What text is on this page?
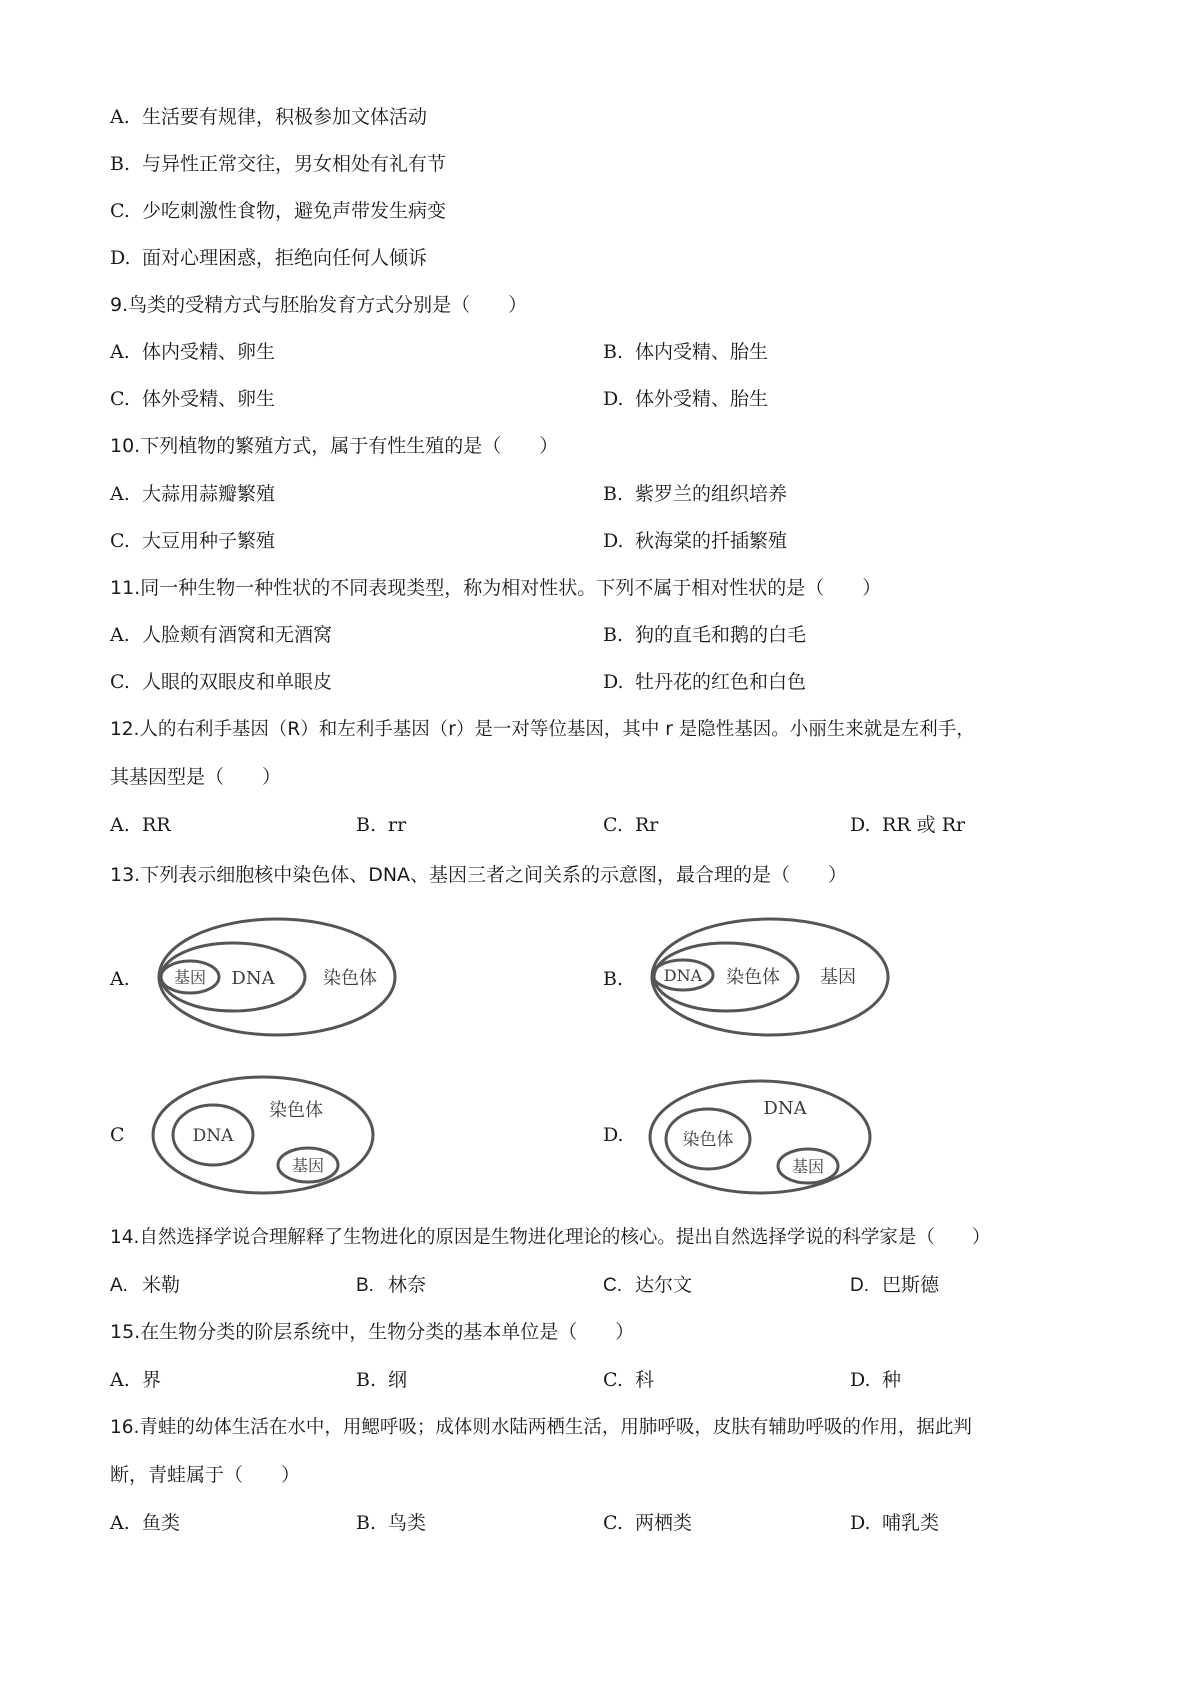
A. 生活要有规律，积极参加文体活动
B. 与异性正常交往，男女相处有礼有节
C. 少吃刺激性食物，避免声带发生病变
D. 面对心理困惑，拒绝向任何人倾诉
9.鸟类的受精方式与胚胎发育方式分别是（　　）
A. 体内受精、卵生	B. 体内受精、胎生
C. 体外受精、卵生	D. 体外受精、胎生
10.下列植物的繁殖方式，属于有性生殖的是（　　）
A. 大蒜用蒜瓣繁殖	B. 紫罗兰的组织培养
C. 大豆用种子繁殖	D. 秋海棠的扦插繁殖
11.同一种生物一种性状的不同表现类型，称为相对性状。下列不属于相对性状的是（　　）
A. 人脸颊有酒窝和无酒窝	B. 狗的直毛和鹅的白毛
C. 人眼的双眼皮和单眼皮	D. 牡丹花的红色和白色
12.人的右利手基因（R）和左利手基因（r）是一对等位基因，其中 r 是隐性基因。小丽生来就是左利手，
其基因型是（　　）
A. RR	B. rr	C. Rr	D. RR 或 Rr
13.下列表示细胞核中染色体、DNA、基因三者之间关系的示意图，最合理的是（　　）
A.	基因 DNA	染色体	B.	DNA 染色体 基因
C
染色体
DNA
基因
D.
DNA
染色体
基因
14.自然选择学说合理解释了生物进化的原因是生物进化理论的核心。提出自然选择学说的科学家是（　　）
A. 米勒	B. 林奈	C. 达尔文	D. 巴斯德
15.在生物分类的阶层系统中，生物分类的基本单位是（　　）
A. 界	B. 纲	C. 科	D. 种
16.青蛙的幼体生活在水中，用鳃呼吸；成体则水陆两栖生活，用肺呼吸，皮肤有辅助呼吸的作用，据此判
断，青蛙属于（　　）
A. 鱼类	B. 鸟类	C. 两栖类	D. 哺乳类
